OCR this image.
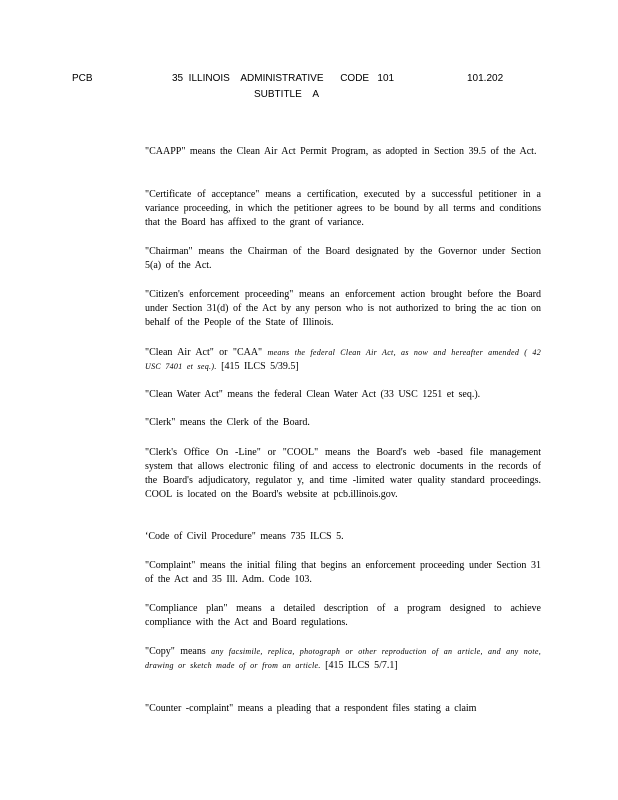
PCB	35  ILLINOIS    ADMINISTRATIVE      CODE   101	101.202
SUBTITLE    A

"CAAPP" means the Clean Air Act Permit Program, as adopted in Section 39.5 of the Act.

"Certificate of acceptance" means a certification, executed by a successful petitioner in a variance proceeding, in which the petitioner agrees to be bound by all terms and conditions that the Board has affixed to the grant of variance.

"Chairman" means the Chairman of the Board designated by the Governor under Section 5(a) of the Act.

"Citizen's enforcement proceeding" means an enforcement action brought before the Board under Section 31(d) of the Act by any person who is not authorized to bring the ac tion on behalf of the People of the State of Illinois.

"Clean Air Act" or "CAA" means the federal Clean Air Act, as now and hereafter amended ( 42 USC 7401 et seq.). [415 ILCS 5/39.5]

"Clean Water Act" means the federal Clean Water Act (33 USC 1251 et seq.).

"Clerk" means the Clerk of the Board.

"Clerk's Office On -Line" or "COOL" means the Board's web -based file management system that allows electronic filing of and access to electronic documents in the records of the Board's adjudicatory, regulator y, and time -limited water quality standard proceedings. COOL is located on the Board's website at pcb.illinois.gov.

‘Code of Civil Procedure" means 735 ILCS 5.

"Complaint" means the initial filing that begins an enforcement proceeding under Section 31 of the Act and 35 Ill. Adm. Code 103.

"Compliance plan" means a detailed description of a program designed to achieve compliance with the Act and Board regulations.

"Copy" means any facsimile, replica, photograph or other reproduction of an article, and any note, drawing or sketch made of or from an article. [415 ILCS 5/7.1]

"Counter -complaint" means a pleading that a respondent files stating a claim
